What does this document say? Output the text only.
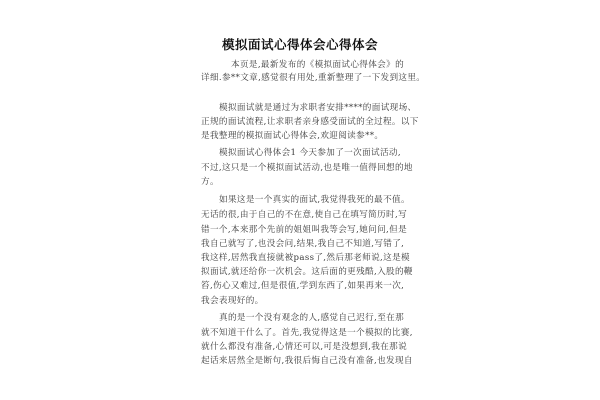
模拟面试心得体会心得体会
本页是,最新发布的《模拟面试心得体会》的
详细.参**文章,感觉很有用处,重新整理了一下发到这里。
模拟面试就是通过为求职者安排****的面试现场、
正规的面试流程,让求职者亲身感受面试的全过程。以下
是我整理的模拟面试心得体会,欢迎阅读参**。
模拟面试心得体会1 今天参加了一次面试活动,
不过,这只是一个模拟面试活动,也是唯一值得回想的地
方。
如果这是一个真实的面试,我觉得我死的最不值。
无话的很,由于自己的不在意,使自己在填写简历时,写
错一个,本来那个先前的姐姐叫我等会写,她问问,但是
我自己就写了,也没会问,结果,我自己不知道,写错了,
我这样,居然我直接就被pass了,然后那老师说,这是模
拟面试,就还给你一次机会。这后面的更残酷,入股的鞭
笞,伤心又难过,但是很值,学到东西了,如果再来一次,
我会表现好的。
真的是一个没有观念的人,感觉自己迟行,至在那
就不知道干什么了。首先,我觉得这是一个模拟的比赛,
就什么都没有准备,心情还可以,可是没想到,我在那说
起话来居然全是断句,我很后悔自己没有准备,也发现自
